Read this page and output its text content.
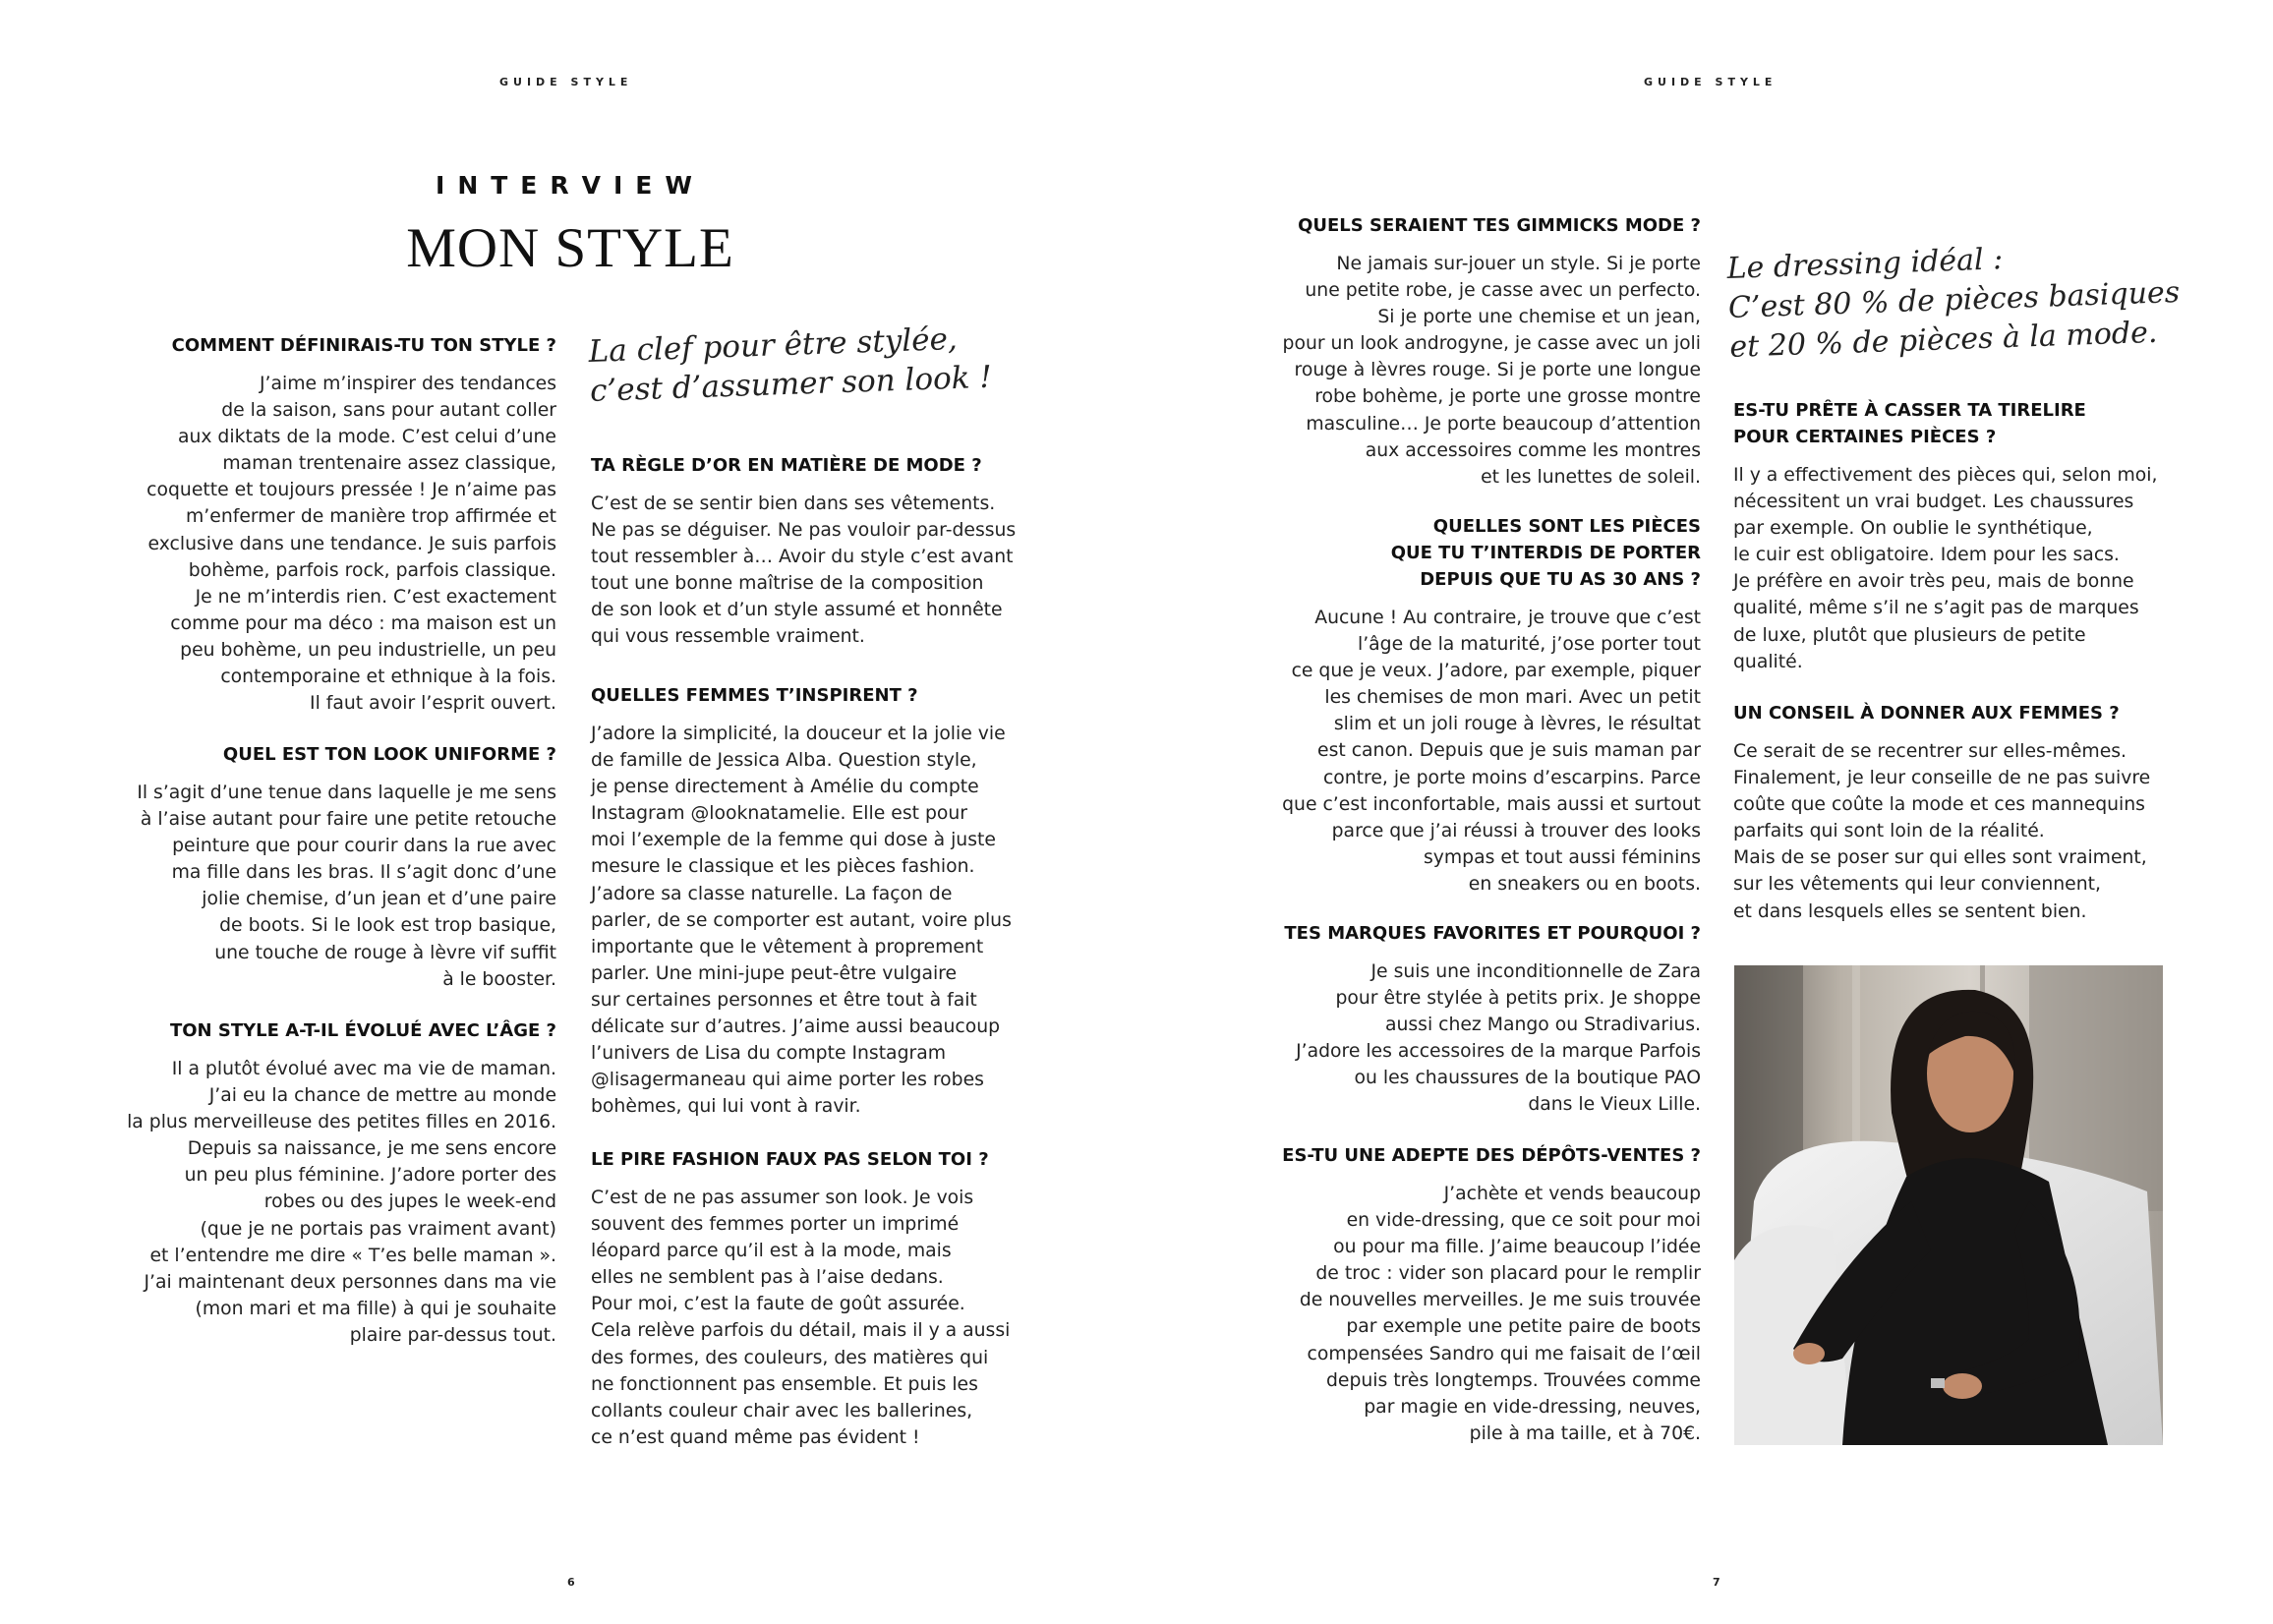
GUIDE STYLE
INTERVIEW
MON STYLE

COMMENT DÉFINIRAIS-TU TON STYLE ?

J’aime m’inspirer des tendances
de la saison, sans pour autant coller
aux diktats de la mode. C’est celui d’une
maman trentenaire assez classique,
coquette et toujours pressée ! Je n’aime pas
m’enfermer de manière trop affirmée et
exclusive dans une tendance. Je suis parfois
bohème, parfois rock, parfois classique.
Je ne m’interdis rien. C’est exactement
comme pour ma déco : ma maison est un
peu bohème, un peu industrielle, un peu
contemporaine et ethnique à la fois.
Il faut avoir l’esprit ouvert.

QUEL EST TON LOOK UNIFORME ?

Il s’agit d’une tenue dans laquelle je me sens
à l’aise autant pour faire une petite retouche
peinture que pour courir dans la rue avec
ma fille dans les bras. Il s’agit donc d’une
jolie chemise, d’un jean et d’une paire
de boots. Si le look est trop basique,
une touche de rouge à lèvre vif suffit
à le booster.

TON STYLE A-T-IL ÉVOLUÉ AVEC L’ÂGE ?

Il a plutôt évolué avec ma vie de maman.
J’ai eu la chance de mettre au monde
la plus merveilleuse des petites filles en 2016.
Depuis sa naissance, je me sens encore
un peu plus féminine. J’adore porter des
robes ou des jupes le week-end
(que je ne portais pas vraiment avant)
et l’entendre me dire « T’es belle maman ».
J’ai maintenant deux personnes dans ma vie
(mon mari et ma fille) à qui je souhaite
plaire par-dessus tout.

La clef pour être stylée,
c’est d’assumer son look !

TA RÈGLE D’OR EN MATIÈRE DE MODE ?

C’est de se sentir bien dans ses vêtements.
Ne pas se déguiser. Ne pas vouloir par-dessus
tout ressembler à… Avoir du style c’est avant
tout une bonne maîtrise de la composition
de son look et d’un style assumé et honnête
qui vous ressemble vraiment.

QUELLES FEMMES T’INSPIRENT ?

J’adore la simplicité, la douceur et la jolie vie
de famille de Jessica Alba. Question style,
je pense directement à Amélie du compte
Instagram @looknatamelie. Elle est pour
moi l’exemple de la femme qui dose à juste
mesure le classique et les pièces fashion.
J’adore sa classe naturelle. La façon de
parler, de se comporter est autant, voire plus
importante que le vêtement à proprement
parler. Une mini-jupe peut-être vulgaire
sur certaines personnes et être tout à fait
délicate sur d’autres. J’aime aussi beaucoup
l’univers de Lisa du compte Instagram
@lisagermaneau qui aime porter les robes
bohèmes, qui lui vont à ravir.

LE PIRE FASHION FAUX PAS SELON TOI ?

C’est de ne pas assumer son look. Je vois
souvent des femmes porter un imprimé
léopard parce qu’il est à la mode, mais
elles ne semblent pas à l’aise dedans.
Pour moi, c’est la faute de goût assurée.
Cela relève parfois du détail, mais il y a aussi
des formes, des couleurs, des matières qui
ne fonctionnent pas ensemble. Et puis les
collants couleur chair avec les ballerines,
ce n’est quand même pas évident !

6
GUIDE STYLE

QUELS SERAIENT TES GIMMICKS MODE ?

Ne jamais sur-jouer un style. Si je porte
une petite robe, je casse avec un perfecto.
Si je porte une chemise et un jean,
pour un look androgyne, je casse avec un joli
rouge à lèvres rouge. Si je porte une longue
robe bohème, je porte une grosse montre
masculine… Je porte beaucoup d’attention
aux accessoires comme les montres
et les lunettes de soleil.

QUELLES SONT LES PIÈCES
QUE TU T’INTERDIS DE PORTER
DEPUIS QUE TU AS 30 ANS ?

Aucune ! Au contraire, je trouve que c’est
l’âge de la maturité, j’ose porter tout
ce que je veux. J’adore, par exemple, piquer
les chemises de mon mari. Avec un petit
slim et un joli rouge à lèvres, le résultat
est canon. Depuis que je suis maman par
contre, je porte moins d’escarpins. Parce
que c’est inconfortable, mais aussi et surtout
parce que j’ai réussi à trouver des looks
sympas et tout aussi féminins
en sneakers ou en boots.

TES MARQUES FAVORITES ET POURQUOI ?

Je suis une inconditionnelle de Zara
pour être stylée à petits prix. Je shoppe
aussi chez Mango ou Stradivarius.
J’adore les accessoires de la marque Parfois
ou les chaussures de la boutique PAO
dans le Vieux Lille.

ES-TU UNE ADEPTE DES DÉPÔTS-VENTES ?

J’achète et vends beaucoup
en vide-dressing, que ce soit pour moi
ou pour ma fille. J’aime beaucoup l’idée
de troc : vider son placard pour le remplir
de nouvelles merveilles. Je me suis trouvée
par exemple une petite paire de boots
compensées Sandro qui me faisait de l’œil
depuis très longtemps. Trouvées comme
par magie en vide-dressing, neuves,
pile à ma taille, et à 70€.

Le dressing idéal :
C’est 80 % de pièces basiques
et 20 % de pièces à la mode.

ES-TU PRÊTE À CASSER TA TIRELIRE
POUR CERTAINES PIÈCES ?

Il y a effectivement des pièces qui, selon moi,
nécessitent un vrai budget. Les chaussures
par exemple. On oublie le synthétique,
le cuir est obligatoire. Idem pour les sacs.
Je préfère en avoir très peu, mais de bonne
qualité, même s’il ne s’agit pas de marques
de luxe, plutôt que plusieurs de petite
qualité.

UN CONSEIL À DONNER AUX FEMMES ?

Ce serait de se recentrer sur elles-mêmes.
Finalement, je leur conseille de ne pas suivre
coûte que coûte la mode et ces mannequins
parfaits qui sont loin de la réalité.
Mais de se poser sur qui elles sont vraiment,
sur les vêtements qui leur conviennent,
et dans lesquels elles se sentent bien.

7
